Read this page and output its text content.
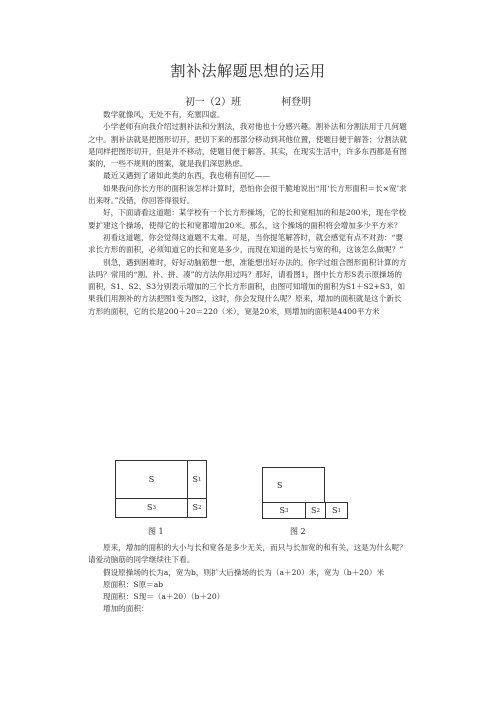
割补法解题思想的运用
初一（2）班	柯登明

数学就像风，无处不有，充塞四虚。

小学老师有向我介绍过割补法和分割法，我对他也十分感兴趣。割补法和分割法用于几何题之中。割补法就是把图形切开，把切下来的那部分移动到其他位置，使题目便于解答；分割法就是同样把图形切开，但是并不移动，使题目便于解答。其实，在现实生活中，许多东西都是有图案的，一些不规则的图案，就是我们深思熟虑。

最近又遇到了诸如此类的东西，我也稍有回忆——

如果我问你长方形的面积该怎样计算时，恐怕你会很干脆地说出“用‘长方形面积＝长×宽’求出来呀。”没错，你回答得很好。

好，下面请看这道题：某学校有一个长方形操场，它的长和宽相加的和是200米，现在学校要扩建这个操场，使得它的长和宽都增加20米。那么，这个操场的面积将会增加多少平方米？

初看这道题，你会觉得这道题不太难。可是，当你提笔解答时，就会感觉有点不对劲：“要求长方形的面积，必须知道它的长和宽是多少，而现在知道的是长与宽的和，这该怎么做呢？”

别急，遇到困难时，好好动脑筋想一想，准能想出好办法的。你学过组合图形面积计算的方法吗？常用的“割、补、拼、凑”的方法你用过吗？那好，请看图1，图中长方形S表示原操场的面积，S1、S2、S3分别表示增加的三个长方形面积，由图可知增加的面积为S1＋S2+S3，如果我们用割补的方法把图1变为图2，这时，你会发现什么呢？原来，增加的面积就是这个新长方形的面积，它的长是200＋20＝220（米），宽是20米，则增加的面积是4400平方米

S	S 1
S 3	S 2
图 1
S
S 3	S 2 S 1
图 2

原来，增加的面积的大小与长和宽各是多少无关，而只与长加宽的和有关，这是为什么呢？请爱动脑筋的同学继续往下看。

假设原操场的长为a，宽为b，则扩大后操场的长为（a＋20）米，宽为（b＋20）米

原面积：S原＝ab

现面积：S现＝（a＋20）（b＋20）

增加的面积：
